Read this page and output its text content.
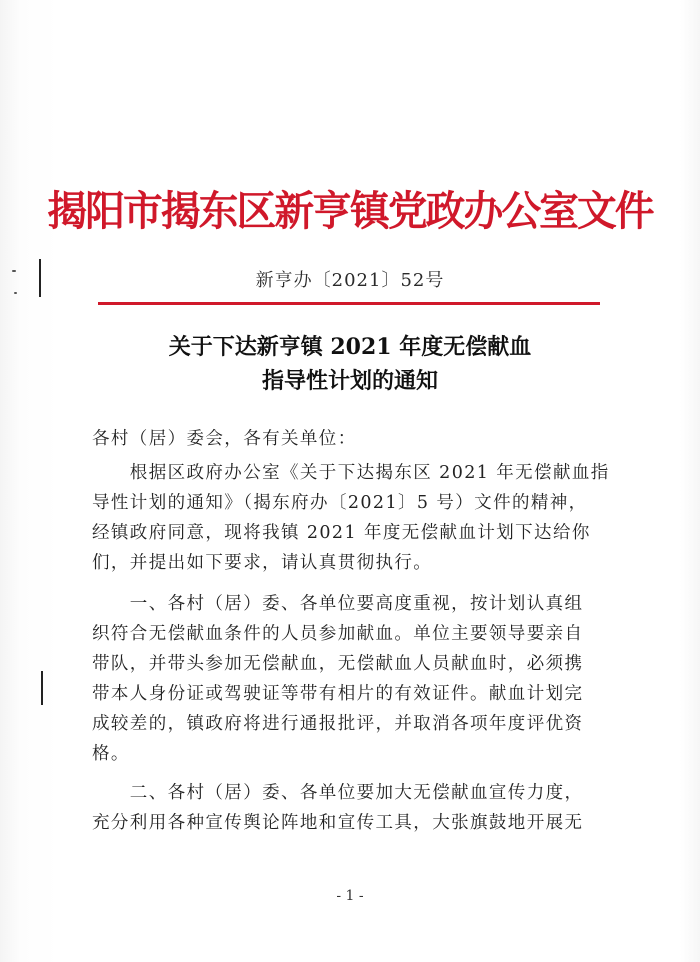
揭阳市揭东区新亨镇党政办公室文件
新亨办〔2021〕52号
关于下达新亨镇 2021 年度无偿献血
指导性计划的通知
各村（居）委会，各有关单位：
　　根据区政府办公室《关于下达揭东区 2021 年无偿献血指
导性计划的通知》（揭东府办〔2021〕5 号）文件的精神，
经镇政府同意，现将我镇 2021 年度无偿献血计划下达给你
们，并提出如下要求，请认真贯彻执行。
　　一、各村（居）委、各单位要高度重视，按计划认真组
织符合无偿献血条件的人员参加献血。单位主要领导要亲自
带队，并带头参加无偿献血，无偿献血人员献血时，必须携
带本人身份证或驾驶证等带有相片的有效证件。献血计划完
成较差的，镇政府将进行通报批评，并取消各项年度评优资
格。
　　二、各村（居）委、各单位要加大无偿献血宣传力度，
充分利用各种宣传舆论阵地和宣传工具，大张旗鼓地开展无
- 1 -
